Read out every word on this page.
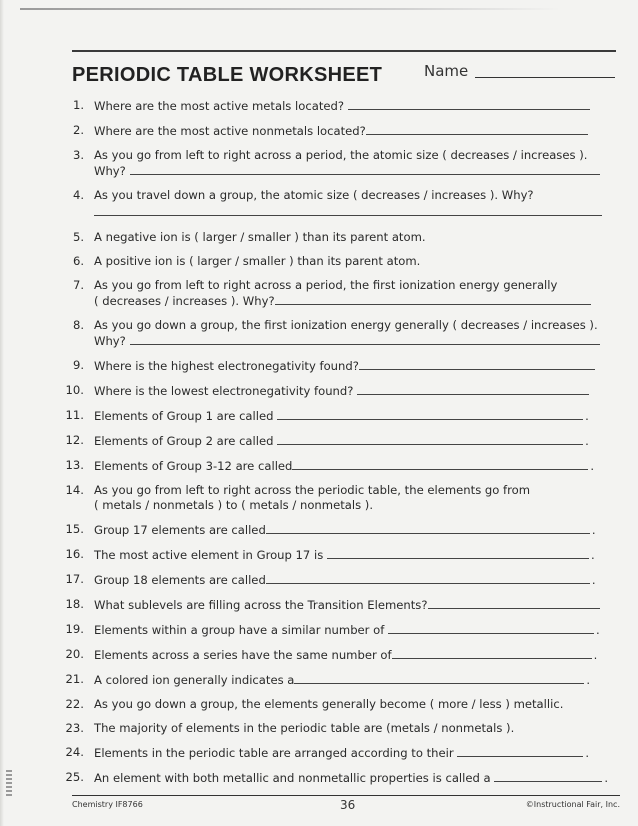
PERIODIC TABLE WORKSHEET	Name
1. Where are the most active metals located?
2. Where are the most active nonmetals located?
3. As you go from left to right across a period, the atomic size ( decreases / increases ).
Why?
4. As you travel down a group, the atomic size ( decreases / increases ). Why?
5. A negative ion is ( larger / smaller ) than its parent atom.
6. A positive ion is ( larger / smaller ) than its parent atom.
7. As you go from left to right across a period, the first ionization energy generally
( decreases / increases ). Why?
8. As you go down a group, the first ionization energy generally ( decreases / increases ).
Why?
9. Where is the highest electronegativity found?
10. Where is the lowest electronegativity found?
11. Elements of Group 1 are called	.
12. Elements of Group 2 are called	.
13. Elements of Group 3-12 are called	.
14. As you go from left to right across the periodic table, the elements go from
( metals / nonmetals ) to ( metals / nonmetals ).
15. Group 17 elements are called	.
16. The most active element in Group 17 is	.
17. Group 18 elements are called	.
18. What sublevels are filling across the Transition Elements?
19. Elements within a group have a similar number of	.
20. Elements across a series have the same number of	.
21. A colored ion generally indicates a	.
22. As you go down a group, the elements generally become ( more / less ) metallic.
23. The majority of elements in the periodic table are (metals / nonmetals ).
24. Elements in the periodic table are arranged according to their	.
25. An element with both metallic and nonmetallic properties is called a	.
Chemistry IF8766	36	©Instructional Fair, Inc.
